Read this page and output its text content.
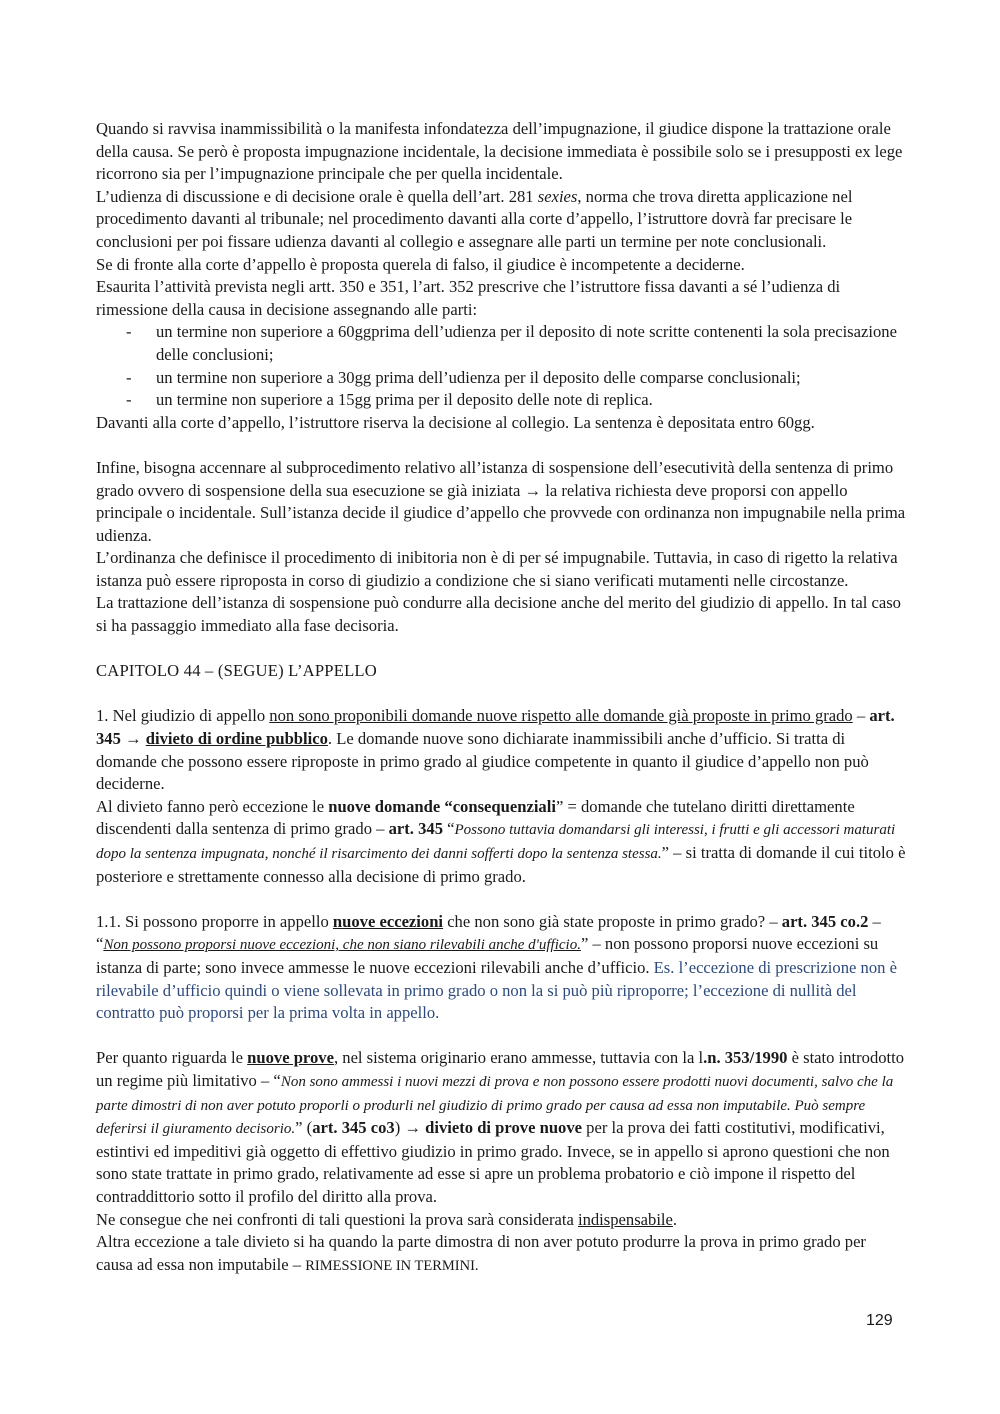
Quando si ravvisa inammissibilità o la manifesta infondatezza dell’impugnazione, il giudice dispone la trattazione orale della causa. Se però è proposta impugnazione incidentale, la decisione immediata è possibile solo se i presupposti ex lege ricorrono sia per l’impugnazione principale che per quella incidentale.

L’udienza di discussione e di decisione orale è quella dell’art. 281 sexies, norma che trova diretta applicazione nel procedimento davanti al tribunale; nel procedimento davanti alla corte d’appello, l’istruttore dovrà far precisare le conclusioni per poi fissare udienza davanti al collegio e assegnare alle parti un termine per note conclusionali.

Se di fronte alla corte d’appello è proposta querela di falso, il giudice è incompetente a deciderne.

Esaurita l’attività prevista negli artt. 350 e 351, l’art. 352 prescrive che l’istruttore fissa davanti a sé l’udienza di rimessione della causa in decisione assegnando alle parti:

- un termine non superiore a 60ggprima dell’udienza per il deposito di note scritte contenenti la sola precisazione delle conclusioni;
- un termine non superiore a 30gg prima dell’udienza per il deposito delle comparse conclusionali;
- un termine non superiore a 15gg prima per il deposito delle note di replica.

Davanti alla corte d’appello, l’istruttore riserva la decisione al collegio. La sentenza è depositata entro 60gg.

Infine, bisogna accennare al subprocedimento relativo all’istanza di sospensione dell’esecutività della sentenza di primo grado ovvero di sospensione della sua esecuzione se già iniziata → la relativa richiesta deve proporsi con appello principale o incidentale. Sull’istanza decide il giudice d’appello che provvede con ordinanza non impugnabile nella prima udienza.

L’ordinanza che definisce il procedimento di inibitoria non è di per sé impugnabile. Tuttavia, in caso di rigetto la relativa istanza può essere riproposta in corso di giudizio a condizione che si siano verificati mutamenti nelle circostanze.

La trattazione dell’istanza di sospensione può condurre alla decisione anche del merito del giudizio di appello. In tal caso si ha passaggio immediato alla fase decisoria.

CAPITOLO 44 – (SEGUE) L’APPELLO

1. Nel giudizio di appello non sono proponibili domande nuove rispetto alle domande già proposte in primo grado – art. 345 → divieto di ordine pubblico. Le domande nuove sono dichiarate inammissibili anche d’ufficio. Si tratta di domande che possono essere riproposte in primo grado al giudice competente in quanto il giudice d’appello non può deciderne.

Al divieto fanno però eccezione le nuove domande “consequenziali” = domande che tutelano diritti direttamente discendenti dalla sentenza di primo grado – art. 345 “Possono tuttavia domandarsi gli interessi, i frutti e gli accessori maturati dopo la sentenza impugnata, nonché il risarcimento dei danni sofferti dopo la sentenza stessa.” – si tratta di domande il cui titolo è posteriore e strettamente connesso alla decisione di primo grado.

1.1. Si possono proporre in appello nuove eccezioni che non sono già state proposte in primo grado? – art. 345 co.2 – “Non possono proporsi nuove eccezioni, che non siano rilevabili anche d'ufficio.” – non possono proporsi nuove eccezioni su istanza di parte; sono invece ammesse le nuove eccezioni rilevabili anche d’ufficio. Es. l’eccezione di prescrizione non è rilevabile d’ufficio quindi o viene sollevata in primo grado o non la si può più riproporre; l’eccezione di nullità del contratto può proporsi per la prima volta in appello.

Per quanto riguarda le nuove prove, nel sistema originario erano ammesse, tuttavia con la l.n. 353/1990 è stato introdotto un regime più limitativo – “Non sono ammessi i nuovi mezzi di prova e non possono essere prodotti nuovi documenti, salvo che la parte dimostri di non aver potuto proporli o produrli nel giudizio di primo grado per causa ad essa non imputabile. Può sempre deferirsi il giuramento decisorio.” (art. 345 co3) → divieto di prove nuove per la prova dei fatti costitutivi, modificativi, estintivi ed impeditivi già oggetto di effettivo giudizio in primo grado. Invece, se in appello si aprono questioni che non sono state trattate in primo grado, relativamente ad esse si apre un problema probatorio e ciò impone il rispetto del contraddittorio sotto il profilo del diritto alla prova.

Ne consegue che nei confronti di tali questioni la prova sarà considerata indispensabile.

Altra eccezione a tale divieto si ha quando la parte dimostra di non aver potuto produrre la prova in primo grado per causa ad essa non imputabile – RIMESSIONE IN TERMINI.

129
